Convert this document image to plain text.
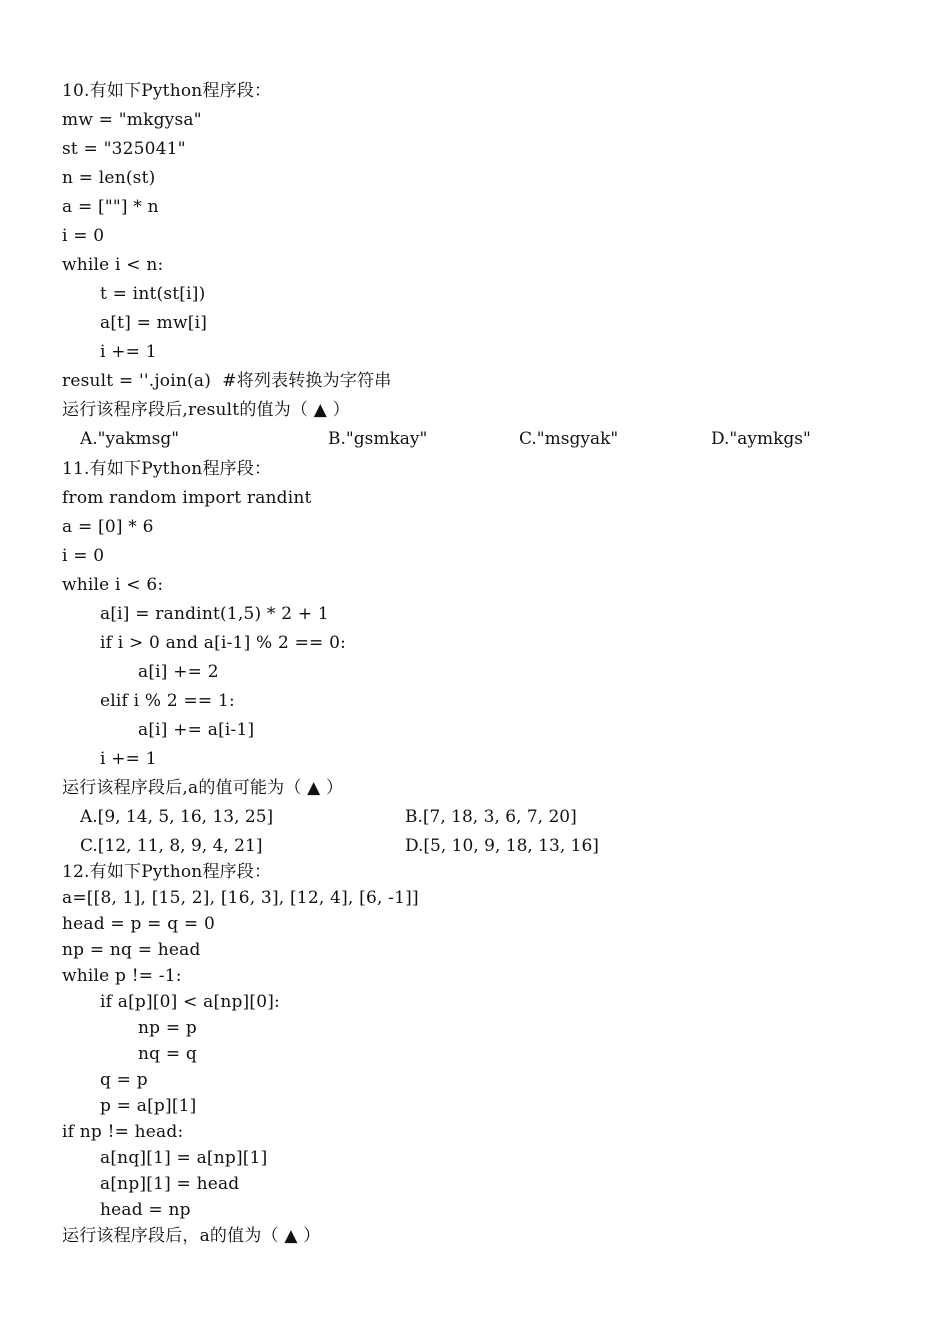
10.有如下Python程序段：
mw = "mkgysa"
st = "325041"
n = len(st)
a = [""] * n
i = 0
while i < n:
t = int(st[i])
a[t] = mw[i]
i += 1
result = ''.join(a)  #将列表转换为字符串
运行该程序段后,result的值为（ ▲ ）
A."yakmsg"	B."gsmkay"	C."msgyak"	D."aymkgs"
11.有如下Python程序段：
from random import randint
a = [0] * 6
i = 0
while i < 6:
a[i] = randint(1,5) * 2 + 1
if i > 0 and a[i-1] % 2 == 0:
a[i] += 2
elif i % 2 == 1:
a[i] += a[i-1]
i += 1
运行该程序段后,a的值可能为（ ▲ ）
A.[9, 14, 5, 16, 13, 25]	B.[7, 18, 3, 6, 7, 20]
C.[12, 11, 8, 9, 4, 21]	D.[5, 10, 9, 18, 13, 16]
12.有如下Python程序段：
a=[[8, 1], [15, 2], [16, 3], [12, 4], [6, -1]]
head = p = q = 0
np = nq = head
while p != -1:
if a[p][0] < a[np][0]:
np = p
nq = q
q = p
p = a[p][1]
if np != head:
a[nq][1] = a[np][1]
a[np][1] = head
head = np
运行该程序段后，a的值为（ ▲ ）
